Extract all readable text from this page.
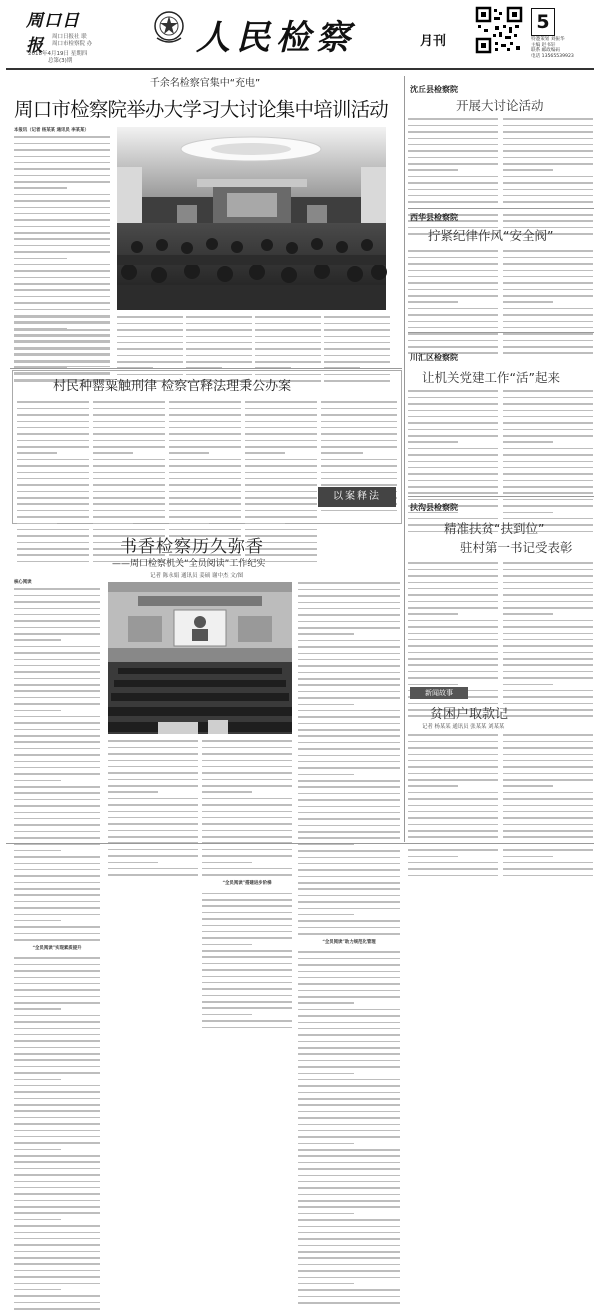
周口日报	周口日报社 联
周口市检察院 办
2018年4月19日 星期四
总第(3)期
人民检察	月刊
5
特邀策划 刘振华
主编 赵书轩
联系 邮政编码
电话 13565539923
千余名检察官集中“充电”
周口市检察院举办大学习大讨论集中培训活动
本报讯（记者 杨某某 通讯员 李某某）
村民种罂粟触刑律 检察官释法理秉公办案
以案释法
书香检察历久弥香
——周口检察机关“全员阅读”工作纪实
记者 陈永娟 通讯员 姜硕 谢中杰 文/图
核心阅读
“全员阅读”实现素质提升
“全员阅读”搭建进步阶梯
“全员阅读”助力规范化管理
沈丘县检察院
开展大讨论活动
西华县检察院
拧紧纪律作风“安全阀”
川汇区检察院
让机关党建工作“活”起来
扶沟县检察院
精准扶贫“扶到位”
驻村第一书记受表彰
新闻故事
贫困户取款记
记者 杨某某 通讯员 张某某 刘某某
